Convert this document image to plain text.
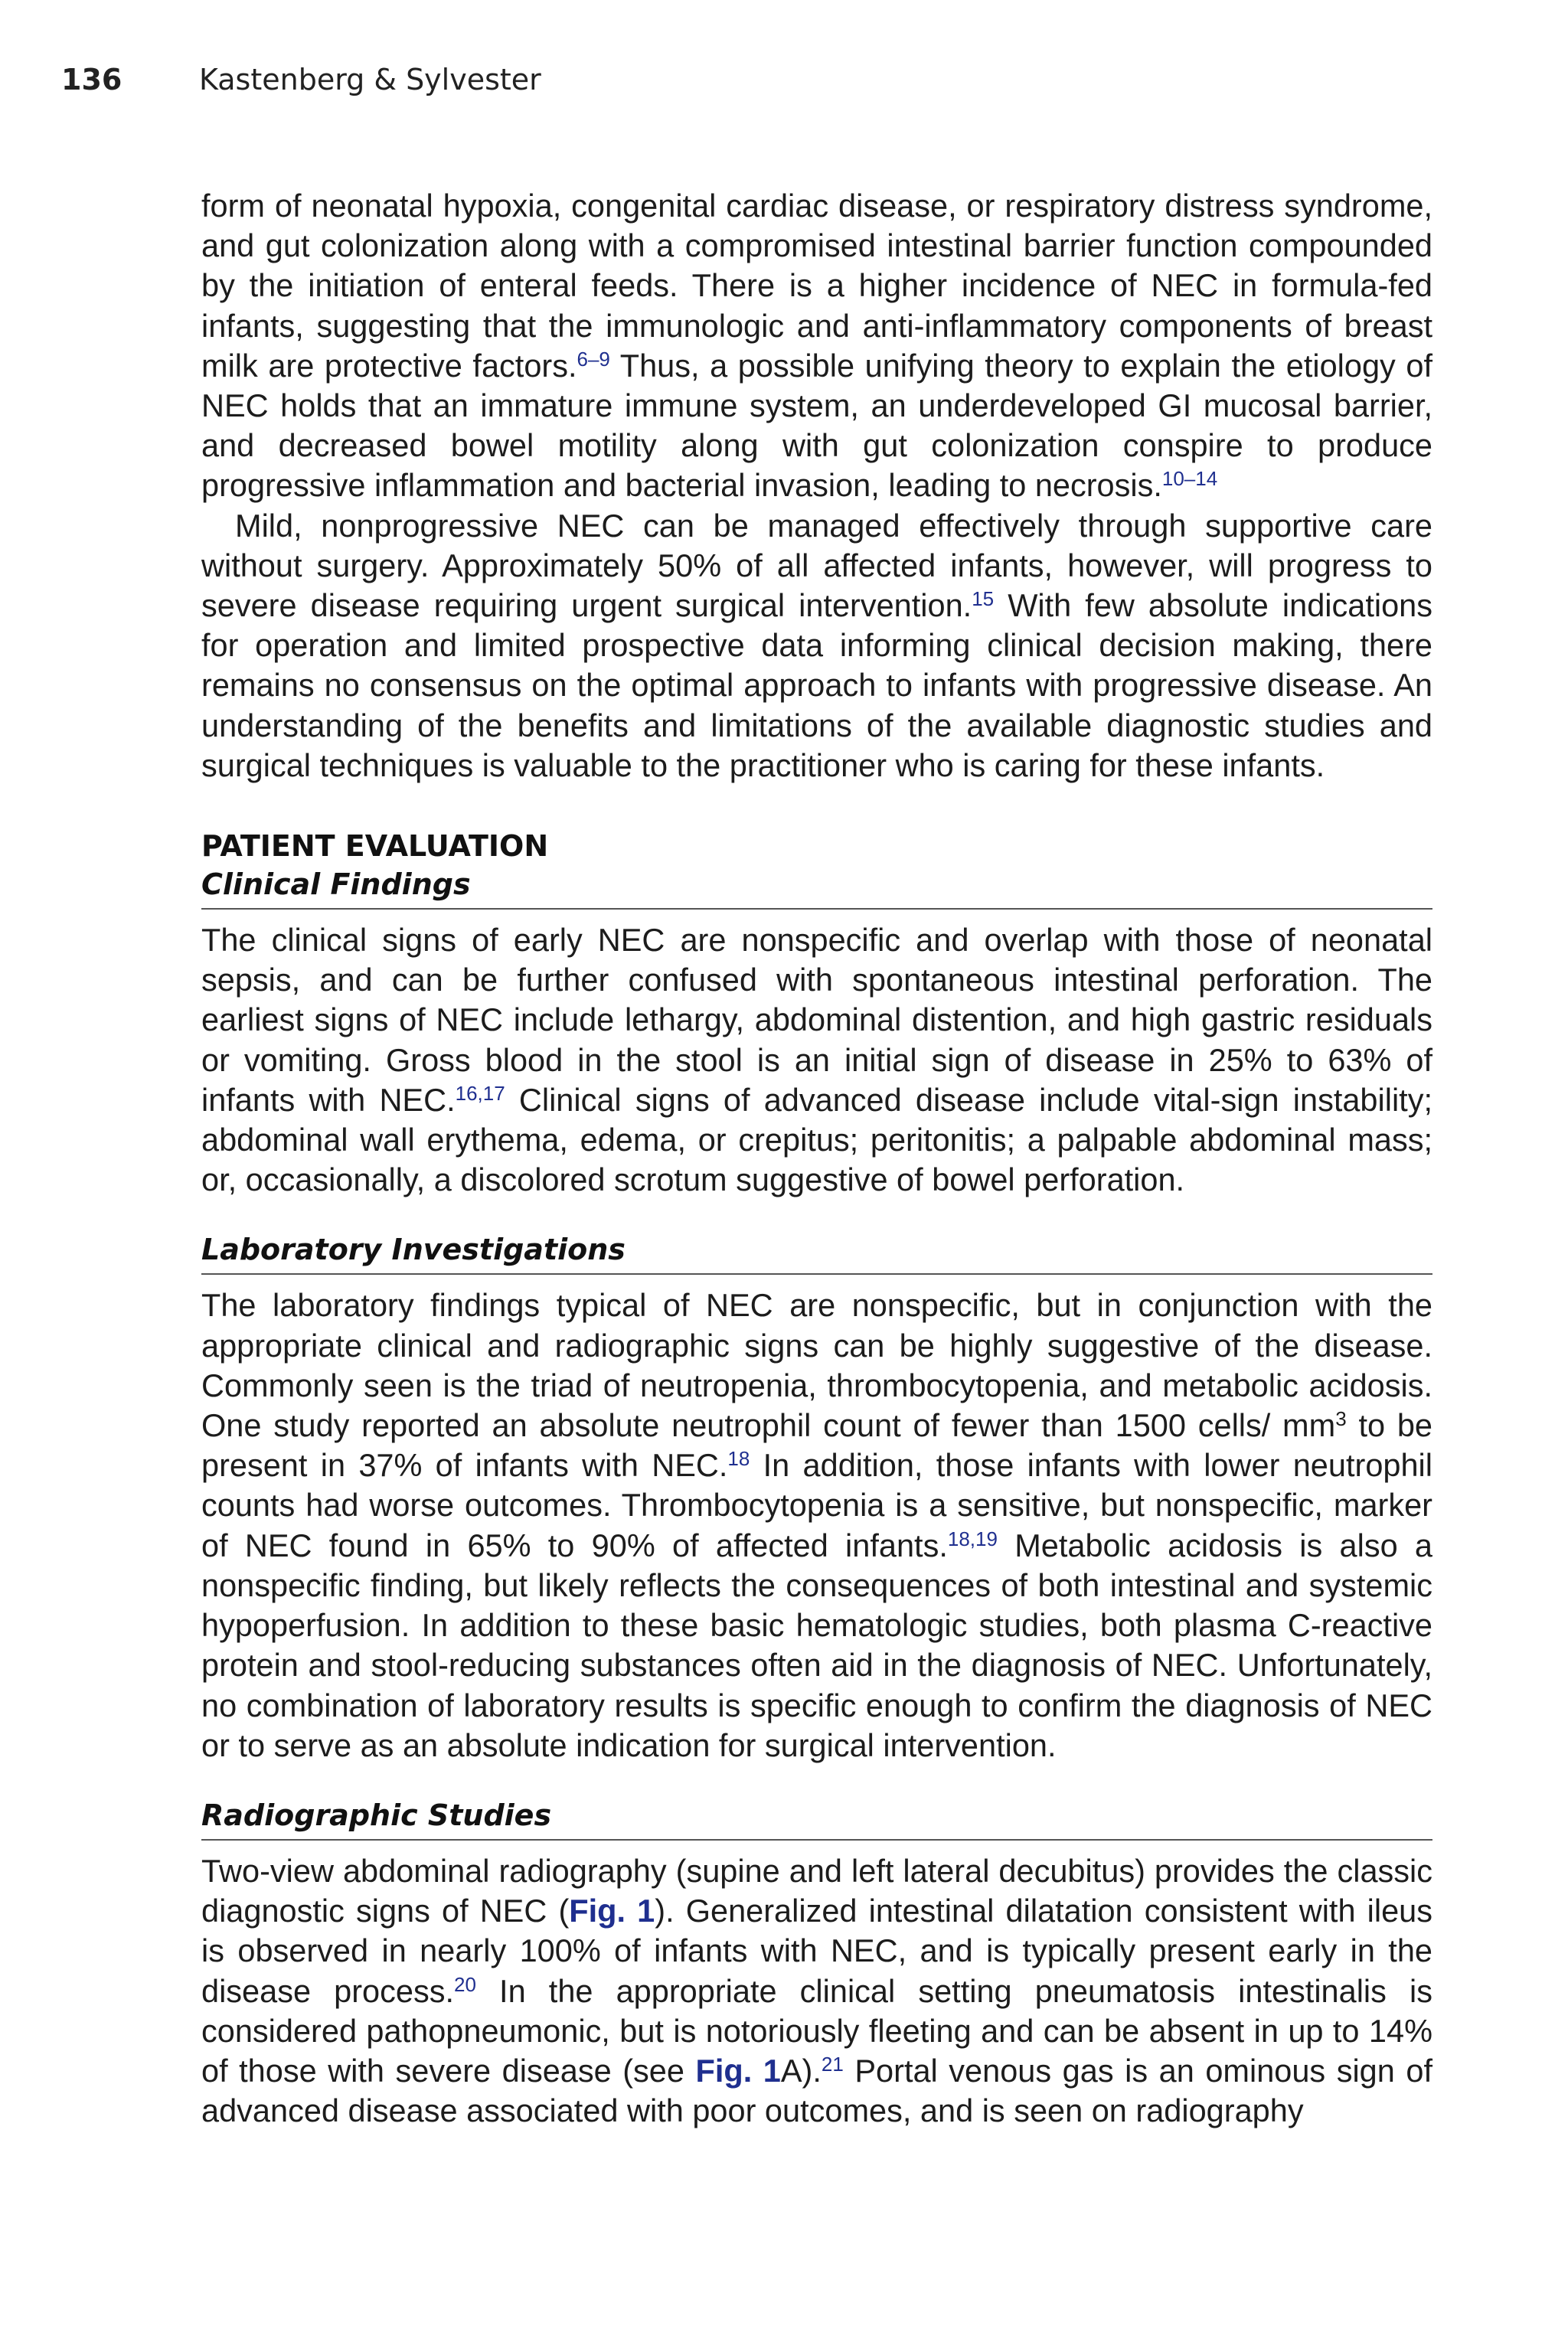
136	Kastenberg & Sylvester

form of neonatal hypoxia, congenital cardiac disease, or respiratory distress syndrome, and gut colonization along with a compromised intestinal barrier function compounded by the initiation of enteral feeds. There is a higher incidence of NEC in formula-fed infants, suggesting that the immunologic and anti-inflammatory components of breast milk are protective factors.$^{6-9}$ Thus, a possible unifying theory to explain the etiology of NEC holds that an immature immune system, an underdeveloped GI mucosal barrier, and decreased bowel motility along with gut colonization conspire to produce progressive inflammation and bacterial invasion, leading to necrosis.$^{10-14}$

Mild, nonprogressive NEC can be managed effectively through supportive care without surgery. Approximately 50% of all affected infants, however, will progress to severe disease requiring urgent surgical intervention.$^{15}$ With few absolute indications for operation and limited prospective data informing clinical decision making, there remains no consensus on the optimal approach to infants with progressive disease. An understanding of the benefits and limitations of the available diagnostic studies and surgical techniques is valuable to the practitioner who is caring for these infants.

PATIENT EVALUATION
Clinical Findings

The clinical signs of early NEC are nonspecific and overlap with those of neonatal sepsis, and can be further confused with spontaneous intestinal perforation. The earliest signs of NEC include lethargy, abdominal distention, and high gastric residuals or vomiting. Gross blood in the stool is an initial sign of disease in 25% to 63% of infants with NEC.$^{16,17}$ Clinical signs of advanced disease include vital-sign instability; abdominal wall erythema, edema, or crepitus; peritonitis; a palpable abdominal mass; or, occasionally, a discolored scrotum suggestive of bowel perforation.

Laboratory Investigations

The laboratory findings typical of NEC are nonspecific, but in conjunction with the appropriate clinical and radiographic signs can be highly suggestive of the disease. Commonly seen is the triad of neutropenia, thrombocytopenia, and metabolic acidosis. One study reported an absolute neutrophil count of fewer than 1500 cells/ $mm^3$ to be present in 37% of infants with NEC.$^{18}$ In addition, those infants with lower neutrophil counts had worse outcomes. Thrombocytopenia is a sensitive, but nonspecific, marker of NEC found in 65% to 90% of affected infants.$^{18,19}$ Metabolic acidosis is also a nonspecific finding, but likely reflects the consequences of both intestinal and systemic hypoperfusion. In addition to these basic hematologic studies, both plasma C-reactive protein and stool-reducing substances often aid in the diagnosis of NEC. Unfortunately, no combination of laboratory results is specific enough to confirm the diagnosis of NEC or to serve as an absolute indication for surgical intervention.

Radiographic Studies

Two-view abdominal radiography (supine and left lateral decubitus) provides the classic diagnostic signs of NEC (Fig. 1). Generalized intestinal dilatation consistent with ileus is observed in nearly 100% of infants with NEC, and is typically present early in the disease process.$^{20}$ In the appropriate clinical setting pneumatosis intestinalis is considered pathopneumonic, but is notoriously fleeting and can be absent in up to 14% of those with severe disease (see Fig. 1A).$^{21}$ Portal venous gas is an ominous sign of advanced disease associated with poor outcomes, and is seen on radiography
